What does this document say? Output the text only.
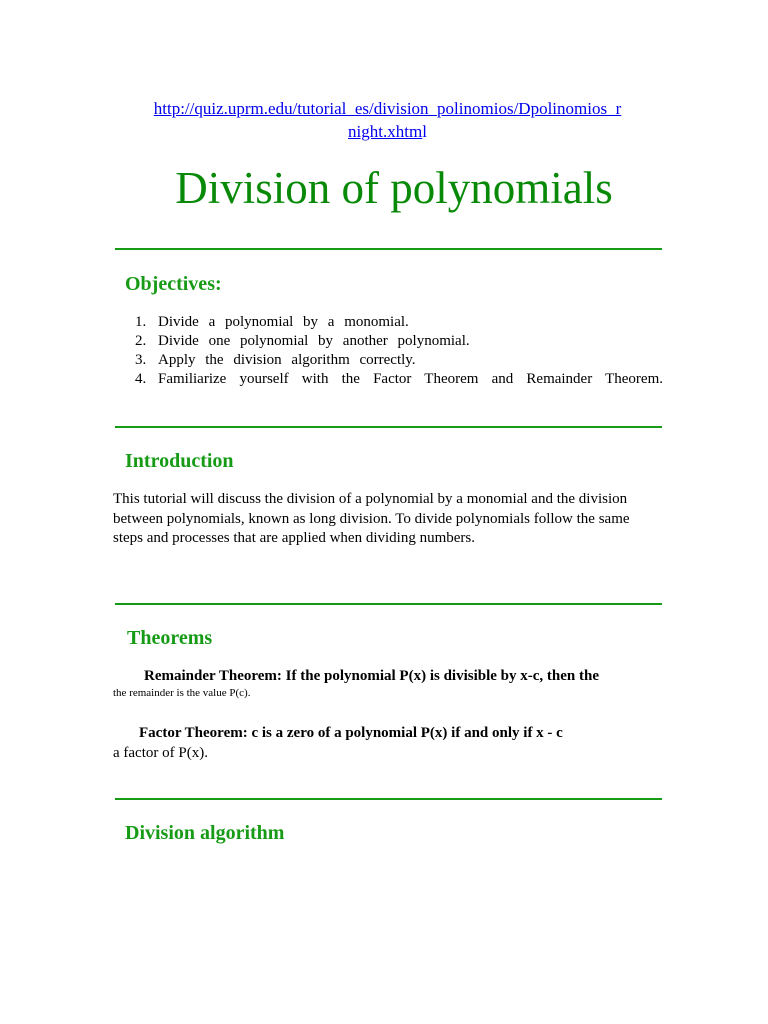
http://quiz.uprm.edu/tutorial_es/division_polinomios/Dpolinomios_r
night.xhtml
Division of polynomials
Objectives:
1. Divide a polynomial by a monomial.
2. Divide one polynomial by another polynomial.
3. Apply the division algorithm correctly.
4. Familiarize yourself with the Factor Theorem and Remainder Theorem.
Introduction

This tutorial will discuss the division of a polynomial by a monomial and the division between polynomials, known as long division. To divide polynomials follow the same steps and processes that are applied when dividing numbers.

Theorems
Remainder Theorem: If the polynomial P(x) is divisible by x-c, then the
the remainder is the value P(c).
Factor Theorem: c is a zero of a polynomial P(x) if and only if x - c
a factor of P(x).
Division algorithm
